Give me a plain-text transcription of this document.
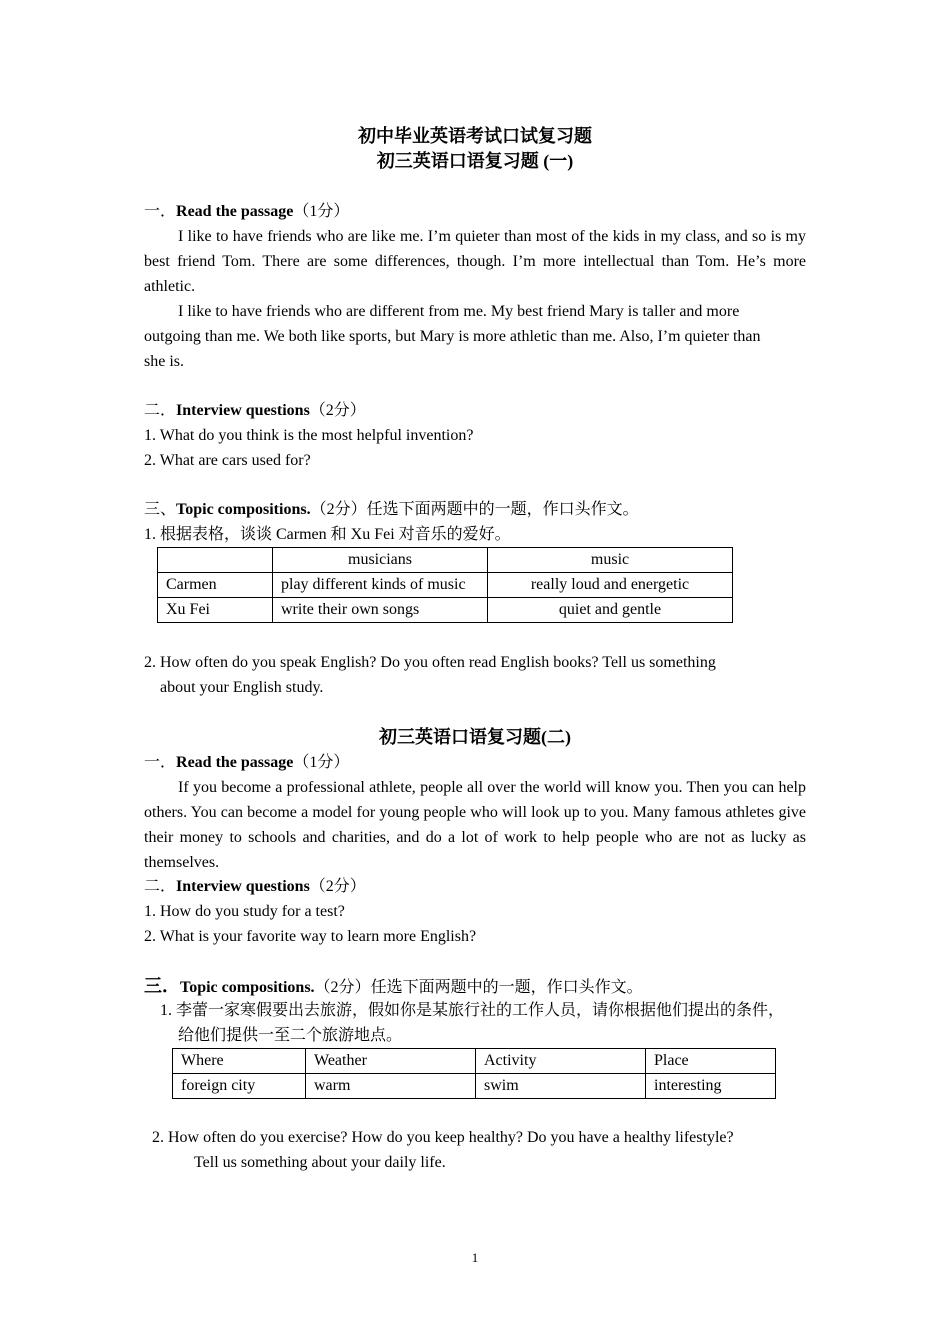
初中毕业英语考试口试复习题
初三英语口语复习题 (一)
一．Read the passage（1分）
I like to have friends who are like me. I’m quieter than most of the kids in my class, and so is my best friend Tom. There are some differences, though. I’m more intellectual than Tom. He’s more athletic.
I like to have friends who are different from me. My best friend Mary is taller and more
outgoing than me. We both like sports, but Mary is more athletic than me. Also, I’m quieter than
she is.
二．Interview questions（2分）
1. What do you think is the most helpful invention?
2. What are cars used for?
三、Topic compositions.（2分）任选下面两题中的一题，作口头作文。
1. 根据表格，谈谈 Carmen 和 Xu Fei 对音乐的爱好。
	musicians	music
Carmen	play different kinds of music	really loud and energetic
Xu Fei	write their own songs	quiet and gentle
2. How often do you speak English? Do you often read English books? Tell us something
about your English study.
初三英语口语复习题(二)
一．Read the passage（1分）
If you become a professional athlete, people all over the world will know you. Then you can help others. You can become a model for young people who will look up to you. Many famous athletes give their money to schools and charities, and do a lot of work to help people who are not as lucky as themselves.
二．Interview questions（2分）
1. How do you study for a test?
2. What is your favorite way to learn more English?
三．Topic compositions.（2分）任选下面两题中的一题，作口头作文。
1. 李蕾一家寒假要出去旅游，假如你是某旅行社的工作人员，请你根据他们提出的条件，
给他们提供一至二个旅游地点。
Where	Weather	Activity	Place
foreign city	warm	swim	interesting
2. How often do you exercise? How do you keep healthy? Do you have a healthy lifestyle?
Tell us something about your daily life.
1
